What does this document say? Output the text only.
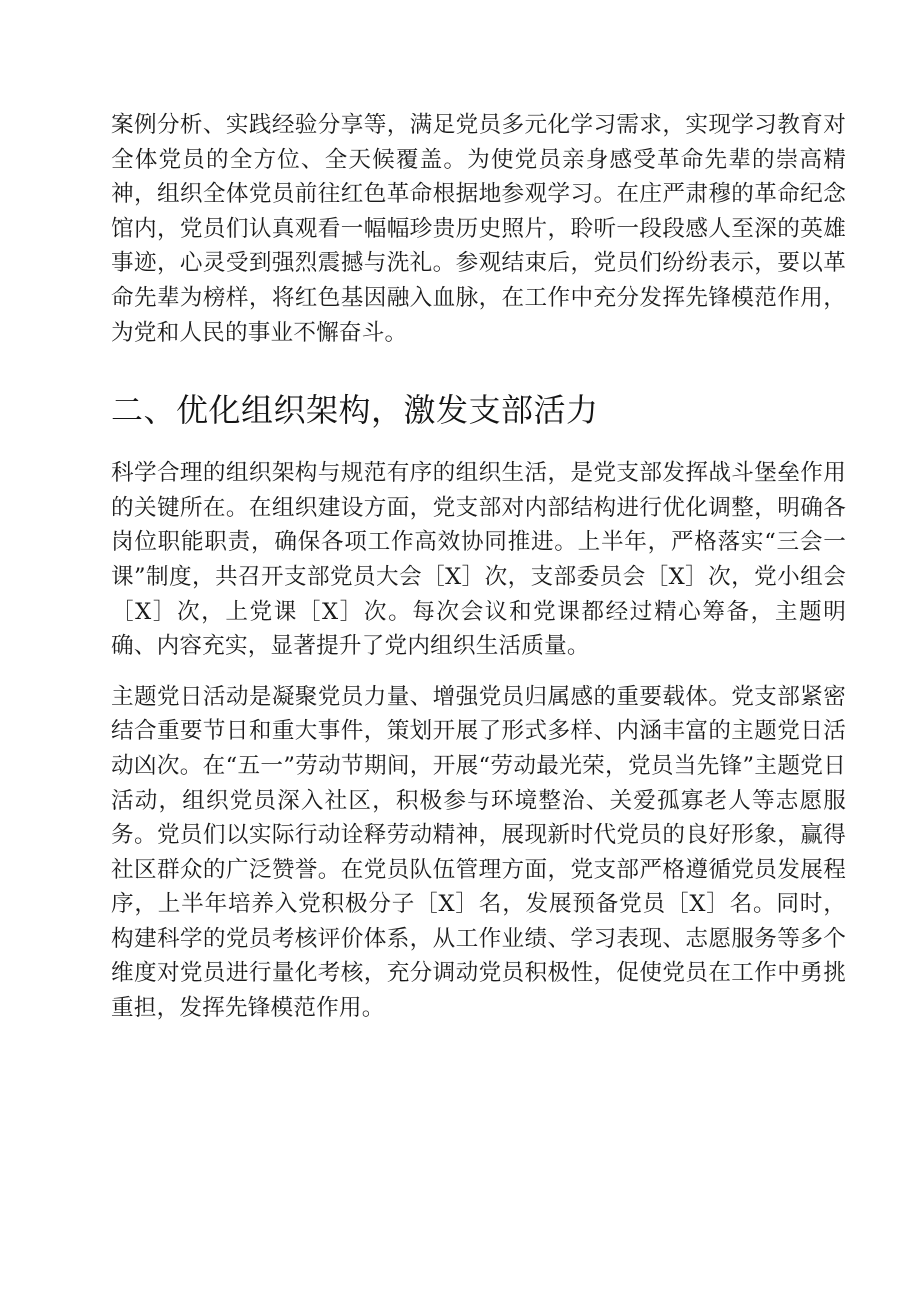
案例分析、实践经验分享等，满足党员多元化学习需求，实现学习教育对全体党员的全方位、全天候覆盖。为使党员亲身感受革命先辈的崇高精神，组织全体党员前往红色革命根据地参观学习。在庄严肃穆的革命纪念馆内，党员们认真观看一幅幅珍贵历史照片，聆听一段段感人至深的英雄事迹，心灵受到强烈震撼与洗礼。参观结束后，党员们纷纷表示，要以革命先辈为榜样，将红色基因融入血脉，在工作中充分发挥先锋模范作用，为党和人民的事业不懈奋斗。

二、优化组织架构，激发支部活力

科学合理的组织架构与规范有序的组织生活，是党支部发挥战斗堡垒作用的关键所在。在组织建设方面，党支部对内部结构进行优化调整，明确各岗位职能职责，确保各项工作高效协同推进。上半年，严格落实“三会一课”制度，共召开支部党员大会［X］次，支部委员会［X］次，党小组会［X］次，上党课［X］次。每次会议和党课都经过精心筹备，主题明确、内容充实，显著提升了党内组织生活质量。

主题党日活动是凝聚党员力量、增强党员归属感的重要载体。党支部紧密结合重要节日和重大事件，策划开展了形式多样、内涵丰富的主题党日活动凶次。在“五一”劳动节期间，开展“劳动最光荣，党员当先锋”主题党日活动，组织党员深入社区，积极参与环境整治、关爱孤寡老人等志愿服务。党员们以实际行动诠释劳动精神，展现新时代党员的良好形象，赢得社区群众的广泛赞誉。在党员队伍管理方面，党支部严格遵循党员发展程序，上半年培养入党积极分子［X］名，发展预备党员［X］名。同时，构建科学的党员考核评价体系，从工作业绩、学习表现、志愿服务等多个维度对党员进行量化考核，充分调动党员积极性，促使党员在工作中勇挑重担，发挥先锋模范作用。
